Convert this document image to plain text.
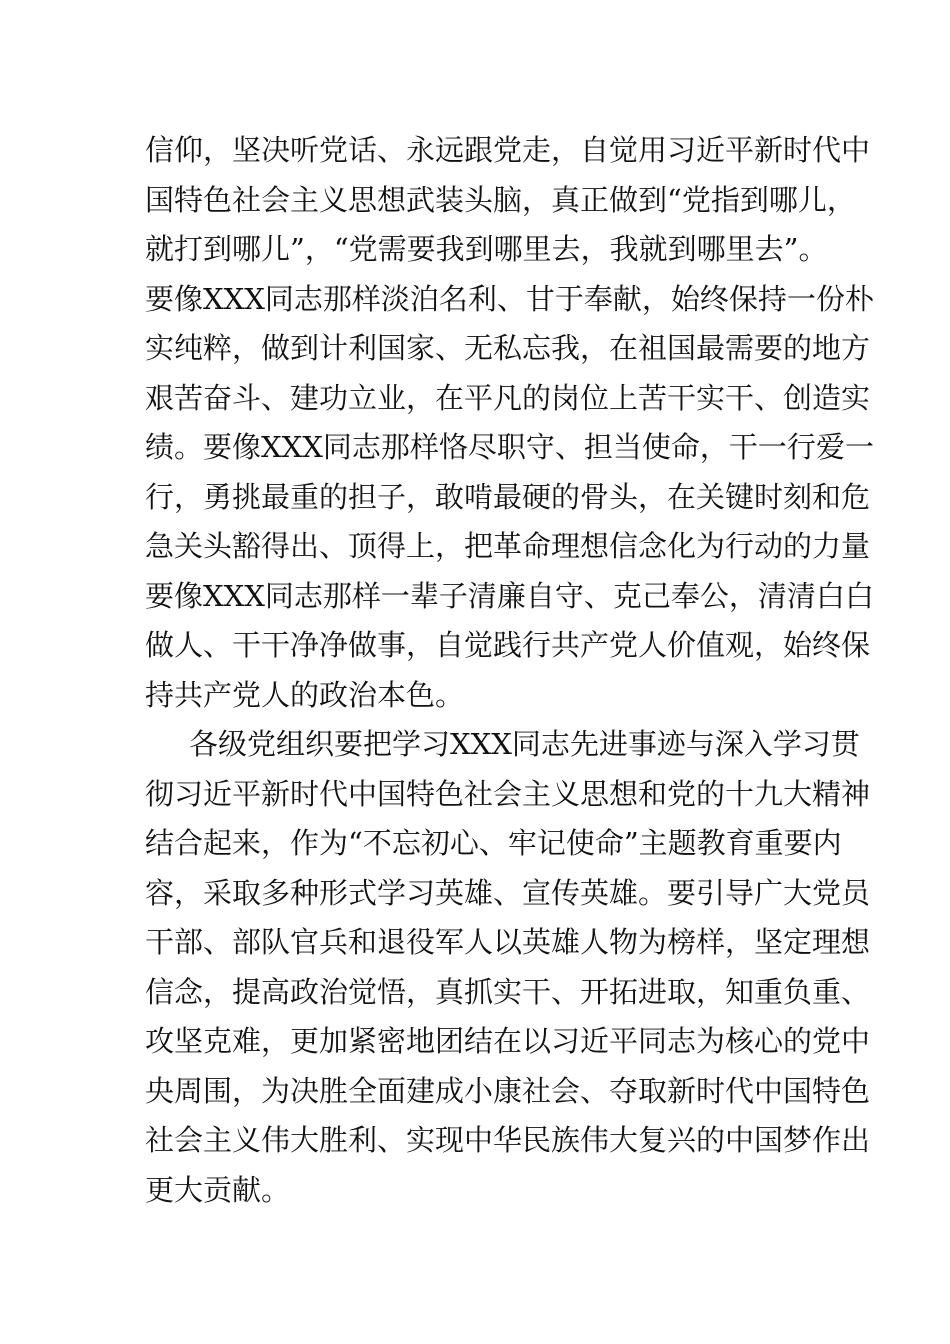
信仰，坚决听党话、永远跟党走，自觉用习近平新时代中
国特色社会主义思想武装头脑，真正做到“党指到哪儿，
就打到哪儿”，“党需要我到哪里去，我就到哪里去”。
要像XXX同志那样淡泊名利、甘于奉献，始终保持一份朴
实纯粹，做到计利国家、无私忘我，在祖国最需要的地方
艰苦奋斗、建功立业，在平凡的岗位上苦干实干、创造实
绩。要像XXX同志那样恪尽职守、担当使命，干一行爱一
行，勇挑最重的担子，敢啃最硬的骨头，在关键时刻和危
急关头豁得出、顶得上，把革命理想信念化为行动的力量
要像XXX同志那样一辈子清廉自守、克己奉公，清清白白
做人、干干净净做事，自觉践行共产党人价值观，始终保
持共产党人的政治本色。
各级党组织要把学习XXX同志先进事迹与深入学习贯
彻习近平新时代中国特色社会主义思想和党的十九大精神
结合起来，作为“不忘初心、牢记使命”主题教育重要内
容，采取多种形式学习英雄、宣传英雄。要引导广大党员
干部、部队官兵和退役军人以英雄人物为榜样，坚定理想
信念，提高政治觉悟，真抓实干、开拓进取，知重负重、
攻坚克难，更加紧密地团结在以习近平同志为核心的党中
央周围，为决胜全面建成小康社会、夺取新时代中国特色
社会主义伟大胜利、实现中华民族伟大复兴的中国梦作出
更大贡献。
